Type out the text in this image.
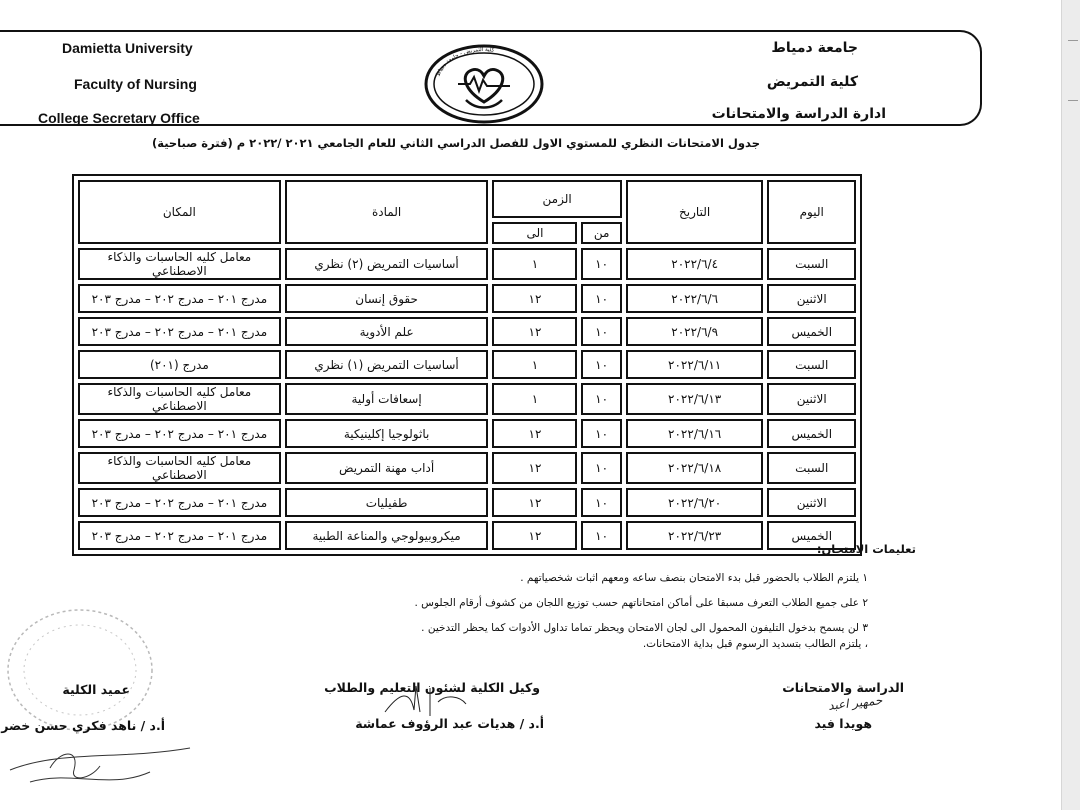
Damietta University
Faculty of Nursing
College Secretary Office
جامعة دمياط
كلية التمريض
ادارة الدراسة والامتحانات
كلية التمريض - جامعة دمياط
جدول الامتحانات النظري للمستوي الاول للفصل الدراسي الثاني للعام الجامعي ٢٠٢١ /٢٠٢٢ م (فترة صباحية)
اليوم	التاريخ	الزمن		المادة	المكان
		من	الى		
السبت	٢٠٢٢/٦/٤	١٠	١	أساسيات التمريض (٢) نظري	معامل كليه الحاسبات والذكاء الاصطناعي
الاثنين	٢٠٢٢/٦/٦	١٠	١٢	حقوق إنسان	مدرج ٢٠١ – مدرج ٢٠٢ – مدرج ٢٠٣
الخميس	٢٠٢٢/٦/٩	١٠	١٢	علم الأدوية	مدرج ٢٠١ – مدرج ٢٠٢ – مدرج ٢٠٣
السبت	٢٠٢٢/٦/١١	١٠	١	أساسيات التمريض (١) نظري	مدرج (٢٠١)
الاثنين	٢٠٢٢/٦/١٣	١٠	١	إسعافات أولية	معامل كليه الحاسبات والذكاء الاصطناعي
الخميس	٢٠٢٢/٦/١٦	١٠	١٢	باثولوجيا إكلينيكية	مدرج ٢٠١ – مدرج ٢٠٢ – مدرج ٢٠٣
السبت	٢٠٢٢/٦/١٨	١٠	١٢	أداب مهنة التمريض	معامل كليه الحاسبات والذكاء الاصطناعي
الاثنين	٢٠٢٢/٦/٢٠	١٠	١٢	طفيليات	مدرج ٢٠١ – مدرج ٢٠٢ – مدرج ٢٠٣
الخميس	٢٠٢٢/٦/٢٣	١٠	١٢	ميكروبيولوجي والمناعة الطبية	مدرج ٢٠١ – مدرج ٢٠٢ – مدرج ٢٠٣
تعليمات الامتحان:
١ يلتزم الطلاب بالحضور قبل بدء الامتحان بنصف ساعه ومعهم اثبات شخصياتهم .
٢ على جميع الطلاب التعرف مسبقا على أماكن امتحاناتهم حسب توزيع اللجان من كشوف أرقام الجلوس .
٣ لن يسمح بدخول التليفون المحمول الى لجان الامتحان ويحظر تماما تداول الأدوات كما يحظر التدخين .
، يلتزم الطالب بتسديد الرسوم قبل بداية الامتحانات.
الدراسة والامتحانات
هويدا فيد
حمهير اعبد
وكيل الكلية لشئون التعليم والطلاب
أ.د / هديات عبد الرؤوف عماشة
عميد الكلية
أ.د / ناهد فكري حسن خضر
